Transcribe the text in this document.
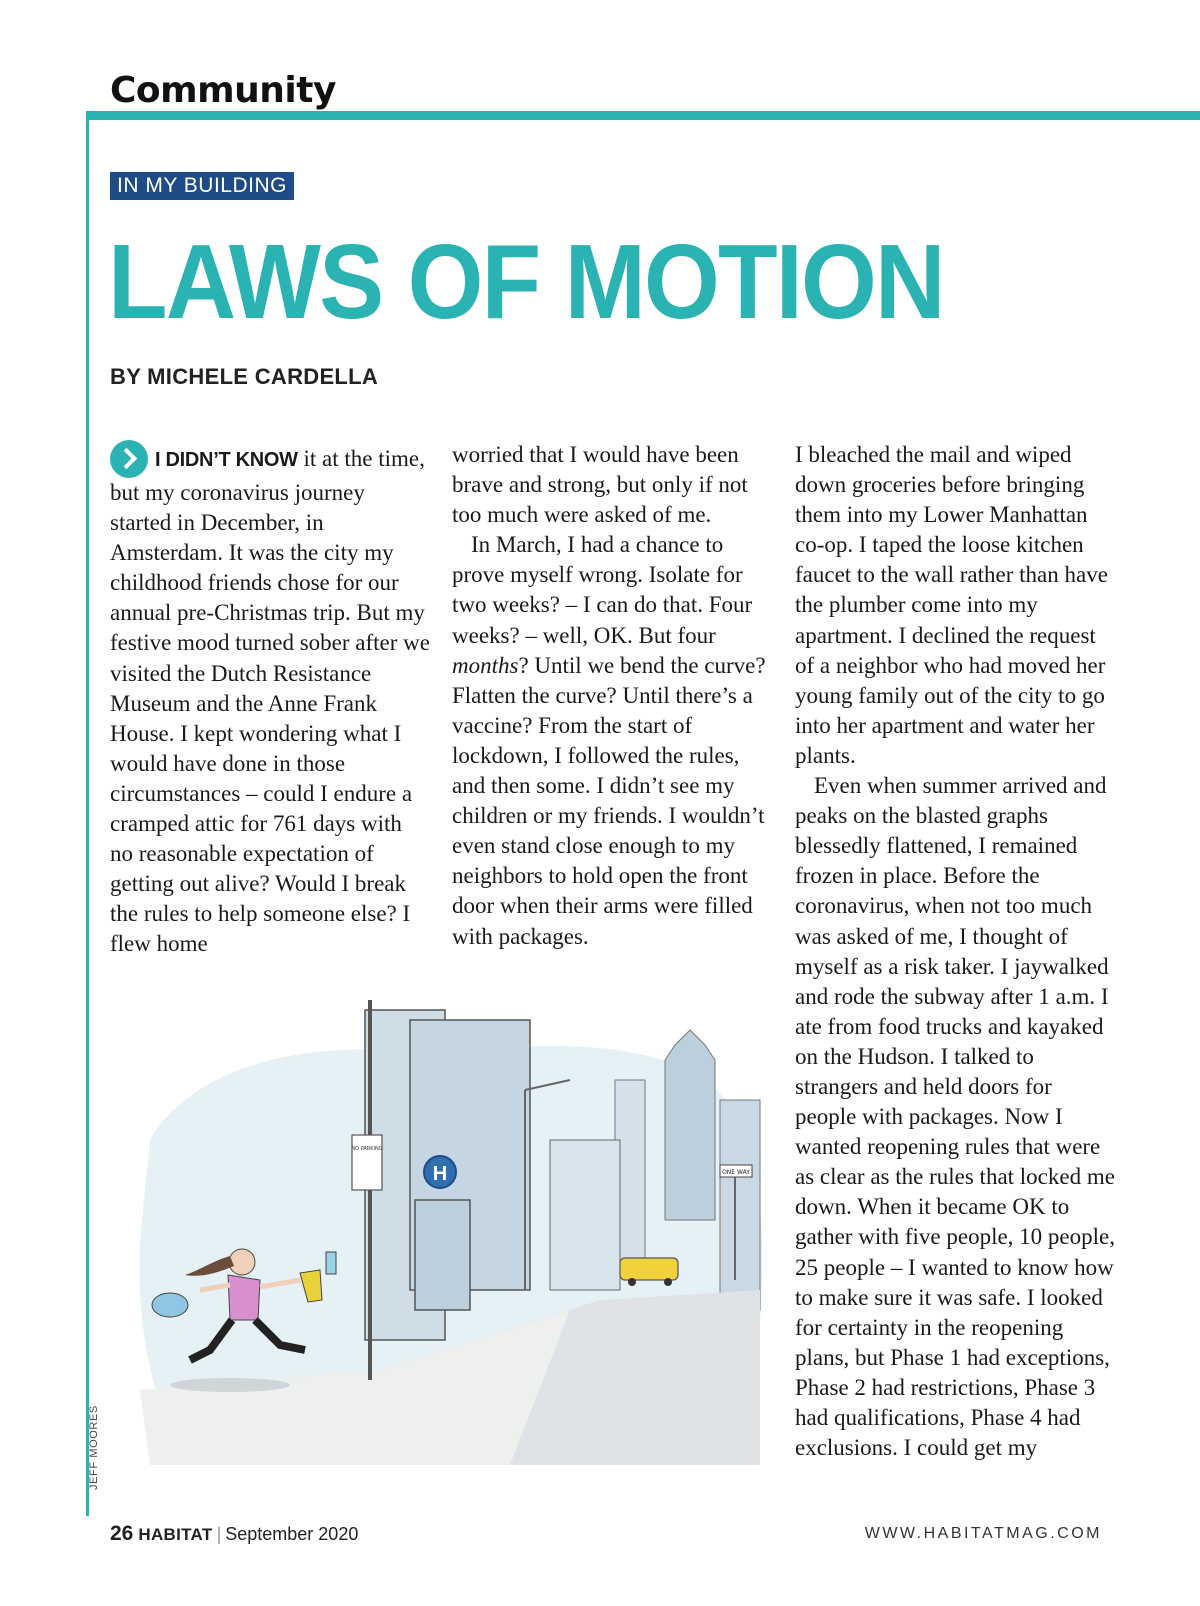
Community
IN MY BUILDING
LAWS OF MOTION
BY MICHELE CARDELLA

I DIDN’T KNOW it at the time, but my coronavirus journey started in December, in Amsterdam. It was the city my childhood friends chose for our annual pre-Christmas trip. But my festive mood turned sober after we visited the Dutch Resistance Museum and the Anne Frank House. I kept wondering what I would have done in those circumstances – could I endure a cramped attic for 761 days with no reasonable expectation of getting out alive? Would I break the rules to help someone else? I flew home

worried that I would have been brave and strong, but only if not too much were asked of me.

In March, I had a chance to prove myself wrong. Isolate for two weeks? – I can do that. Four weeks? – well, OK. But four months? Until we bend the curve? Flatten the curve? Until there’s a vaccine? From the start of lockdown, I followed the rules, and then some. I didn’t see my children or my friends. I wouldn’t even stand close enough to my neighbors to hold open the front door when their arms were filled with packages.

I bleached the mail and wiped down groceries before bringing them into my Lower Manhattan co-op. I taped the loose kitchen faucet to the wall rather than have the plumber come into my apartment. I declined the request of a neighbor who had moved her young family out of the city to go into her apartment and water her plants.

Even when summer arrived and peaks on the blasted graphs blessedly flattened, I remained frozen in place. Before the coronavirus, when not too much was asked of me, I thought of myself as a risk taker. I jaywalked and rode the subway after 1 a.m. I ate from food trucks and kayaked on the Hudson. I talked to strangers and held doors for people with packages. Now I wanted reopening rules that were as clear as the rules that locked me down. When it became OK to gather with five people, 10 people, 25 people – I wanted to know how to make sure it was safe. I looked for certainty in the reopening plans, but Phase 1 had exceptions, Phase 2 had restrictions, Phase 3 had qualifications, Phase 4 had exclusions. I could get my

NO PARKING
H	ONE WAY
JEFF MOORES
26 HABITAT | September 2020	WWW.HABITATMAG.COM
